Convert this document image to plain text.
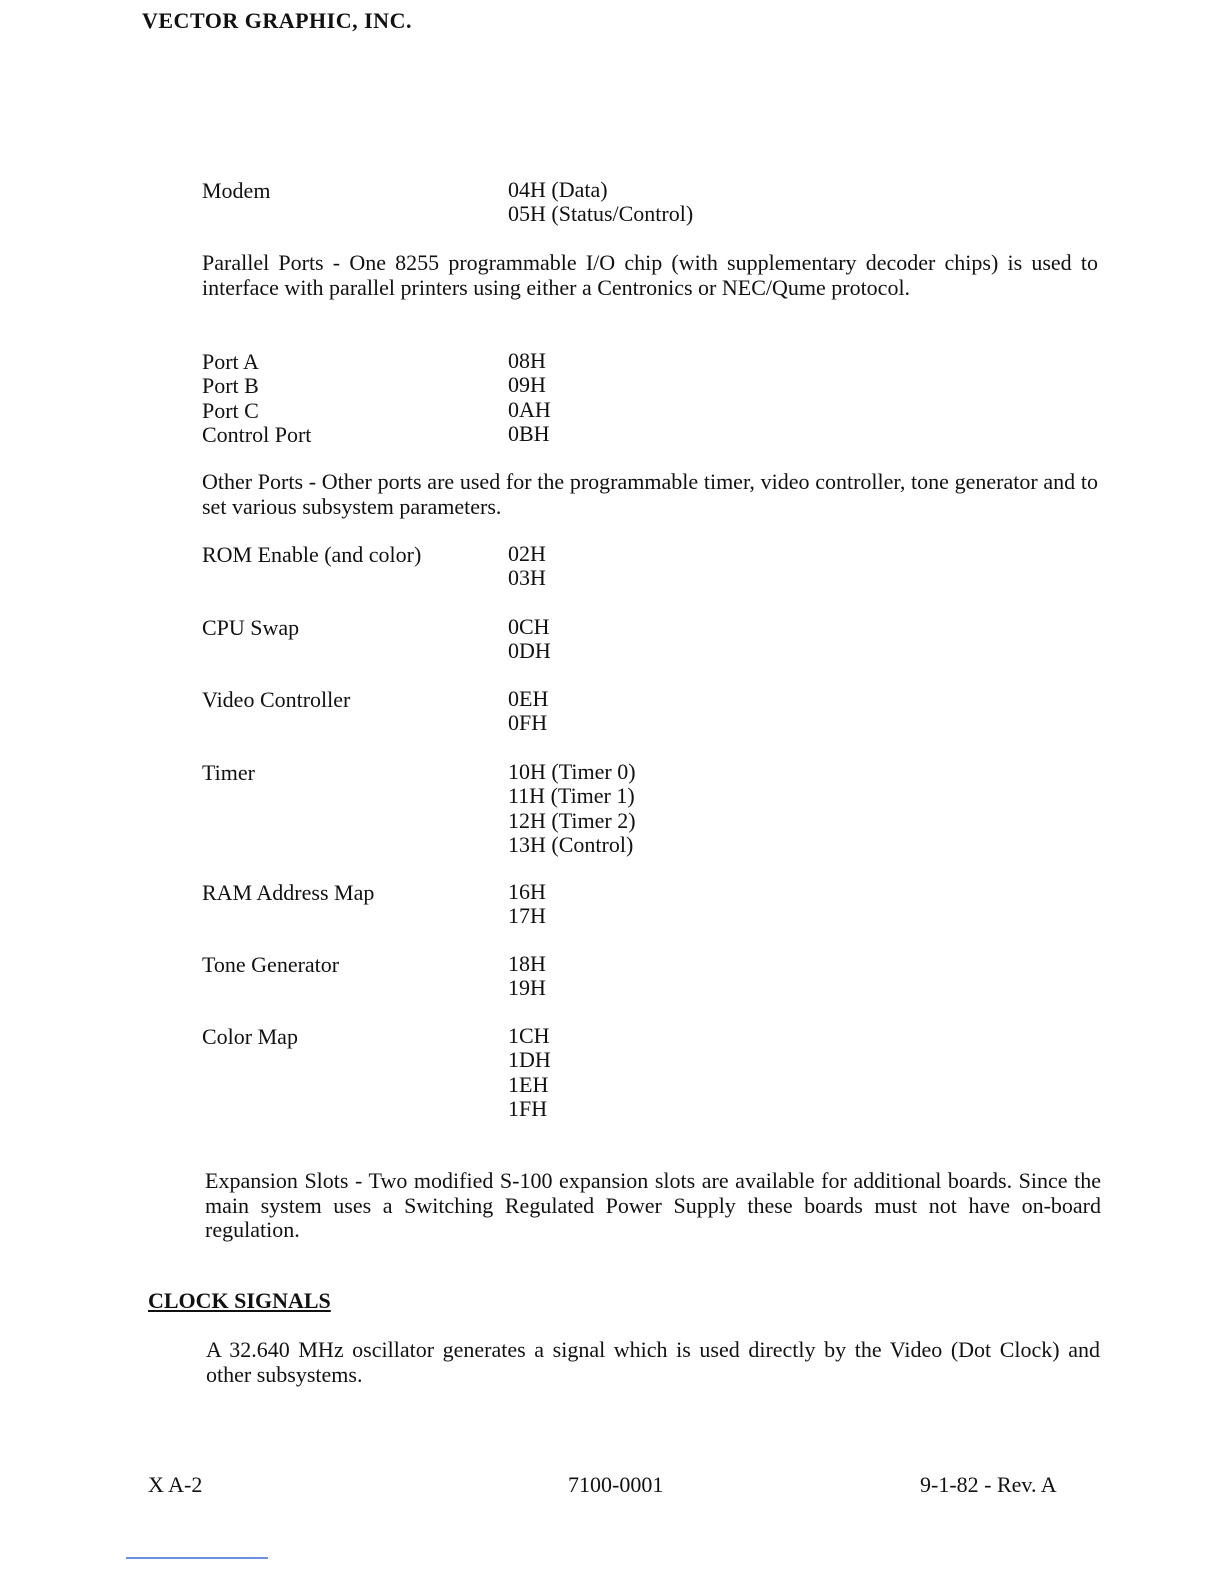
VECTOR GRAPHIC, INC.
Modem	04H (Data)
05H (Status/Control)
Parallel Ports - One 8255 programmable I/O chip (with supplementary decoder chips) is used to interface with parallel printers using either a Centronics or NEC/Qume protocol.
Port A	08H
Port B	09H
Port C	0AH
Control Port	0BH
Other Ports - Other ports are used for the programmable timer, video controller, tone generator and to set various subsystem parameters.
ROM Enable (and color)	02H
03H
CPU Swap	0CH
0DH
Video Controller	0EH
0FH
Timer	10H (Timer 0)
11H (Timer 1)
12H (Timer 2)
13H (Control)
RAM Address Map	16H
17H
Tone Generator	18H
19H
Color Map	1CH
1DH
1EH
1FH
Expansion Slots - Two modified S-100 expansion slots are available for additional boards. Since the main system uses a Switching Regulated Power Supply these boards must not have on-board regulation.
CLOCK SIGNALS
A 32.640 MHz oscillator generates a signal which is used directly by the Video (Dot Clock) and other subsystems.
X A-2	7100-0001	9-1-82 - Rev. A
